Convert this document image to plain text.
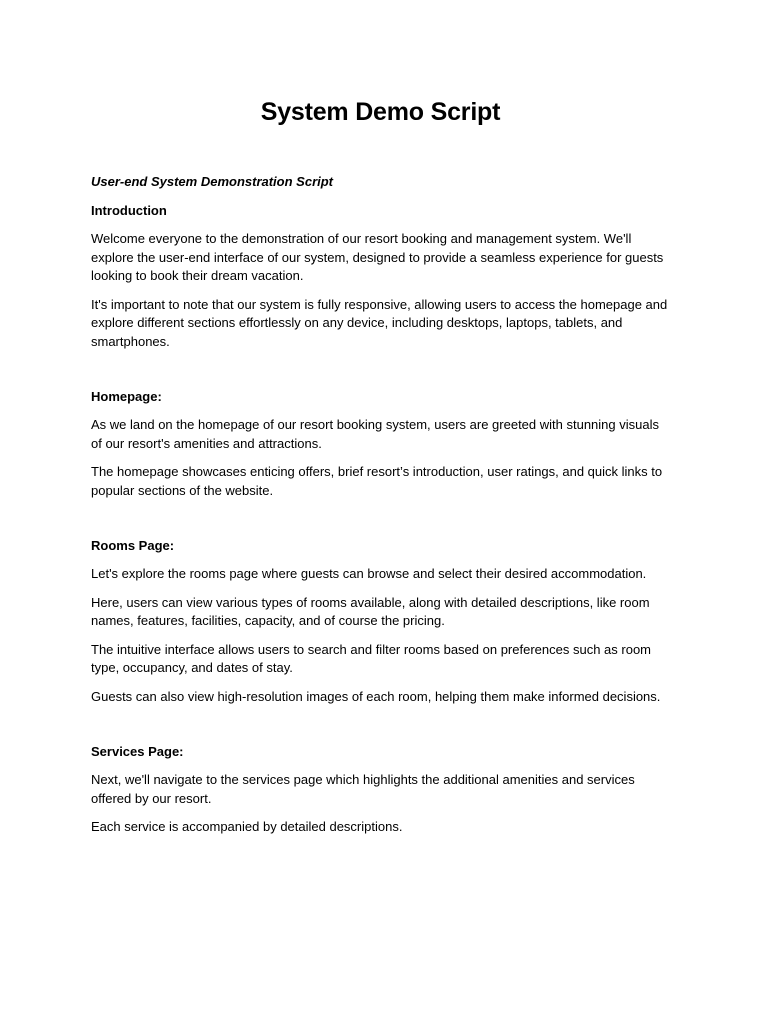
System Demo Script
User-end System Demonstration Script
Introduction

Welcome everyone to the demonstration of our resort booking and management system. We'll explore the user-end interface of our system, designed to provide a seamless experience for guests looking to book their dream vacation.

It's important to note that our system is fully responsive, allowing users to access the homepage and explore different sections effortlessly on any device, including desktops, laptops, tablets, and smartphones.

Homepage:

As we land on the homepage of our resort booking system, users are greeted with stunning visuals of our resort's amenities and attractions.

The homepage showcases enticing offers, brief resort’s introduction, user ratings, and quick links to popular sections of the website.

Rooms Page:

Let's explore the rooms page where guests can browse and select their desired accommodation.

Here, users can view various types of rooms available, along with detailed descriptions, like room names, features, facilities, capacity, and of course the pricing.

The intuitive interface allows users to search and filter rooms based on preferences such as room type, occupancy, and dates of stay.

Guests can also view high-resolution images of each room, helping them make informed decisions.

Services Page:

Next, we'll navigate to the services page which highlights the additional amenities and services offered by our resort.

Each service is accompanied by detailed descriptions.
